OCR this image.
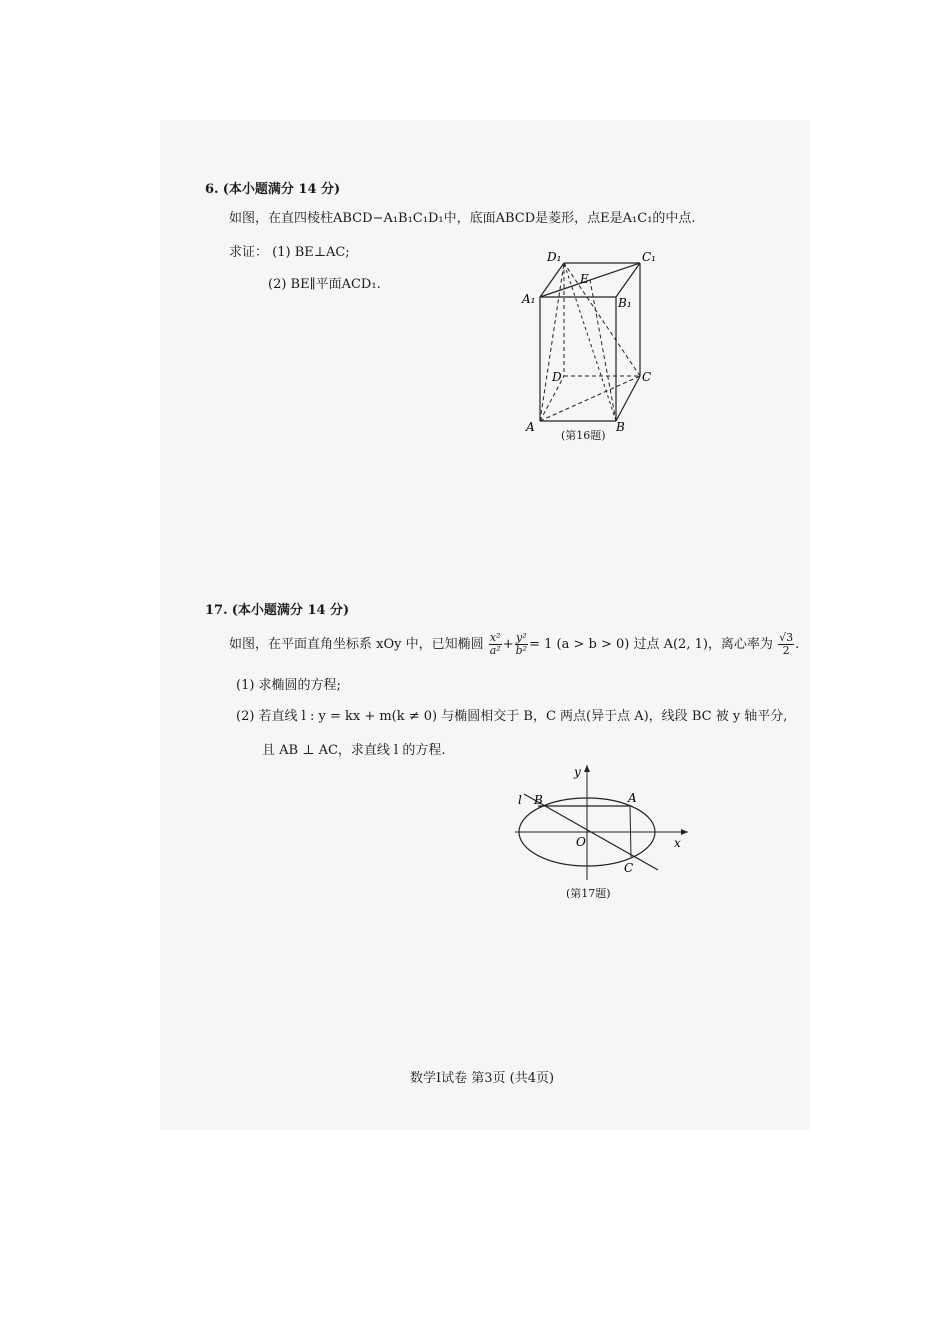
6. (本小题满分 14 分)
如图，在直四棱柱ABCD−A₁B₁C₁D₁中，底面ABCD是菱形，点E是A₁C₁的中点.
求证： (1) BE⊥AC;
(2) BE∥平面ACD₁.
D₁	C₁
E
A₁	B₁
D	C
A	B
(第16题)
17. (本小题满分 14 分)
如图，在平面直角坐标系 xOy 中，已知椭圆 $\frac{\text{x²}}{\text{a²}} + \frac{\text{y²}}{\text{b²}} = 1$ (a > b > 0) 过点 A(2, 1)，离心率为 $\frac{√3}{2}$ .
(1) 求椭圆的方程;
(2) 若直线 l : y = kx + m(k ≠ 0) 与椭圆相交于 B，C 两点(异于点 A)，线段 BC 被 y 轴平分,
且 AB ⊥ AC，求直线 l 的方程.
y
x
l B	A
O
C
(第17题)
数学Ⅰ试卷 第3页 (共4页)
